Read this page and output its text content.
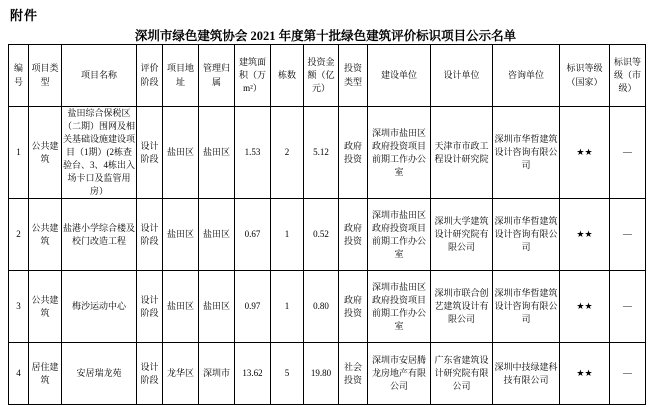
附件
深圳市绿色建筑协会 2021 年度第十批绿色建筑评价标识项目公示名单
编号	项目类型	项目名称	评价阶段	项目地址	管理归属	建筑面积（万m²）	栋数	投资金额（亿元）	投资类型	建设单位	设计单位	咨询单位	标识等级（国家）	标识等级（市级）
1	公共建筑	盐田综合保税区（二期）围网及相关基础设施建设项目（1期）(2栋查验台、3、4栋出入场卡口及监管用房）	设计阶段	盐田区	盐田区	1.53	2	5.12	政府投资	深圳市盐田区政府投资项目前期工作办公室	天津市市政工程设计研究院	深圳市华晢建筑设计咨询有限公司	★★	—
2	公共建筑	盐港小学综合楼及校门改造工程	设计阶段	盐田区	盐田区	0.67	1	0.52	政府投资	深圳市盐田区政府投资项目前期工作办公室	深圳大学建筑设计研究院有限公司	深圳市华晢建筑设计咨询有限公司	★★	—
3	公共建筑	梅沙运动中心	设计阶段	盐田区	盐田区	0.97	1	0.80	政府投资	深圳市盐田区政府投资项目前期工作办公室	深圳市联合创艺建筑设计有限公司	深圳市华晢建筑设计咨询有限公司	★★	—
4	居住建筑	安居瑞龙苑	设计阶段	龙华区	深圳市	13.62	5	19.80	社会投资	深圳市安居腾龙房地产有限公司	广东省建筑设计研究院有限公司	深圳中技绿建科技有限公司	★★	—
